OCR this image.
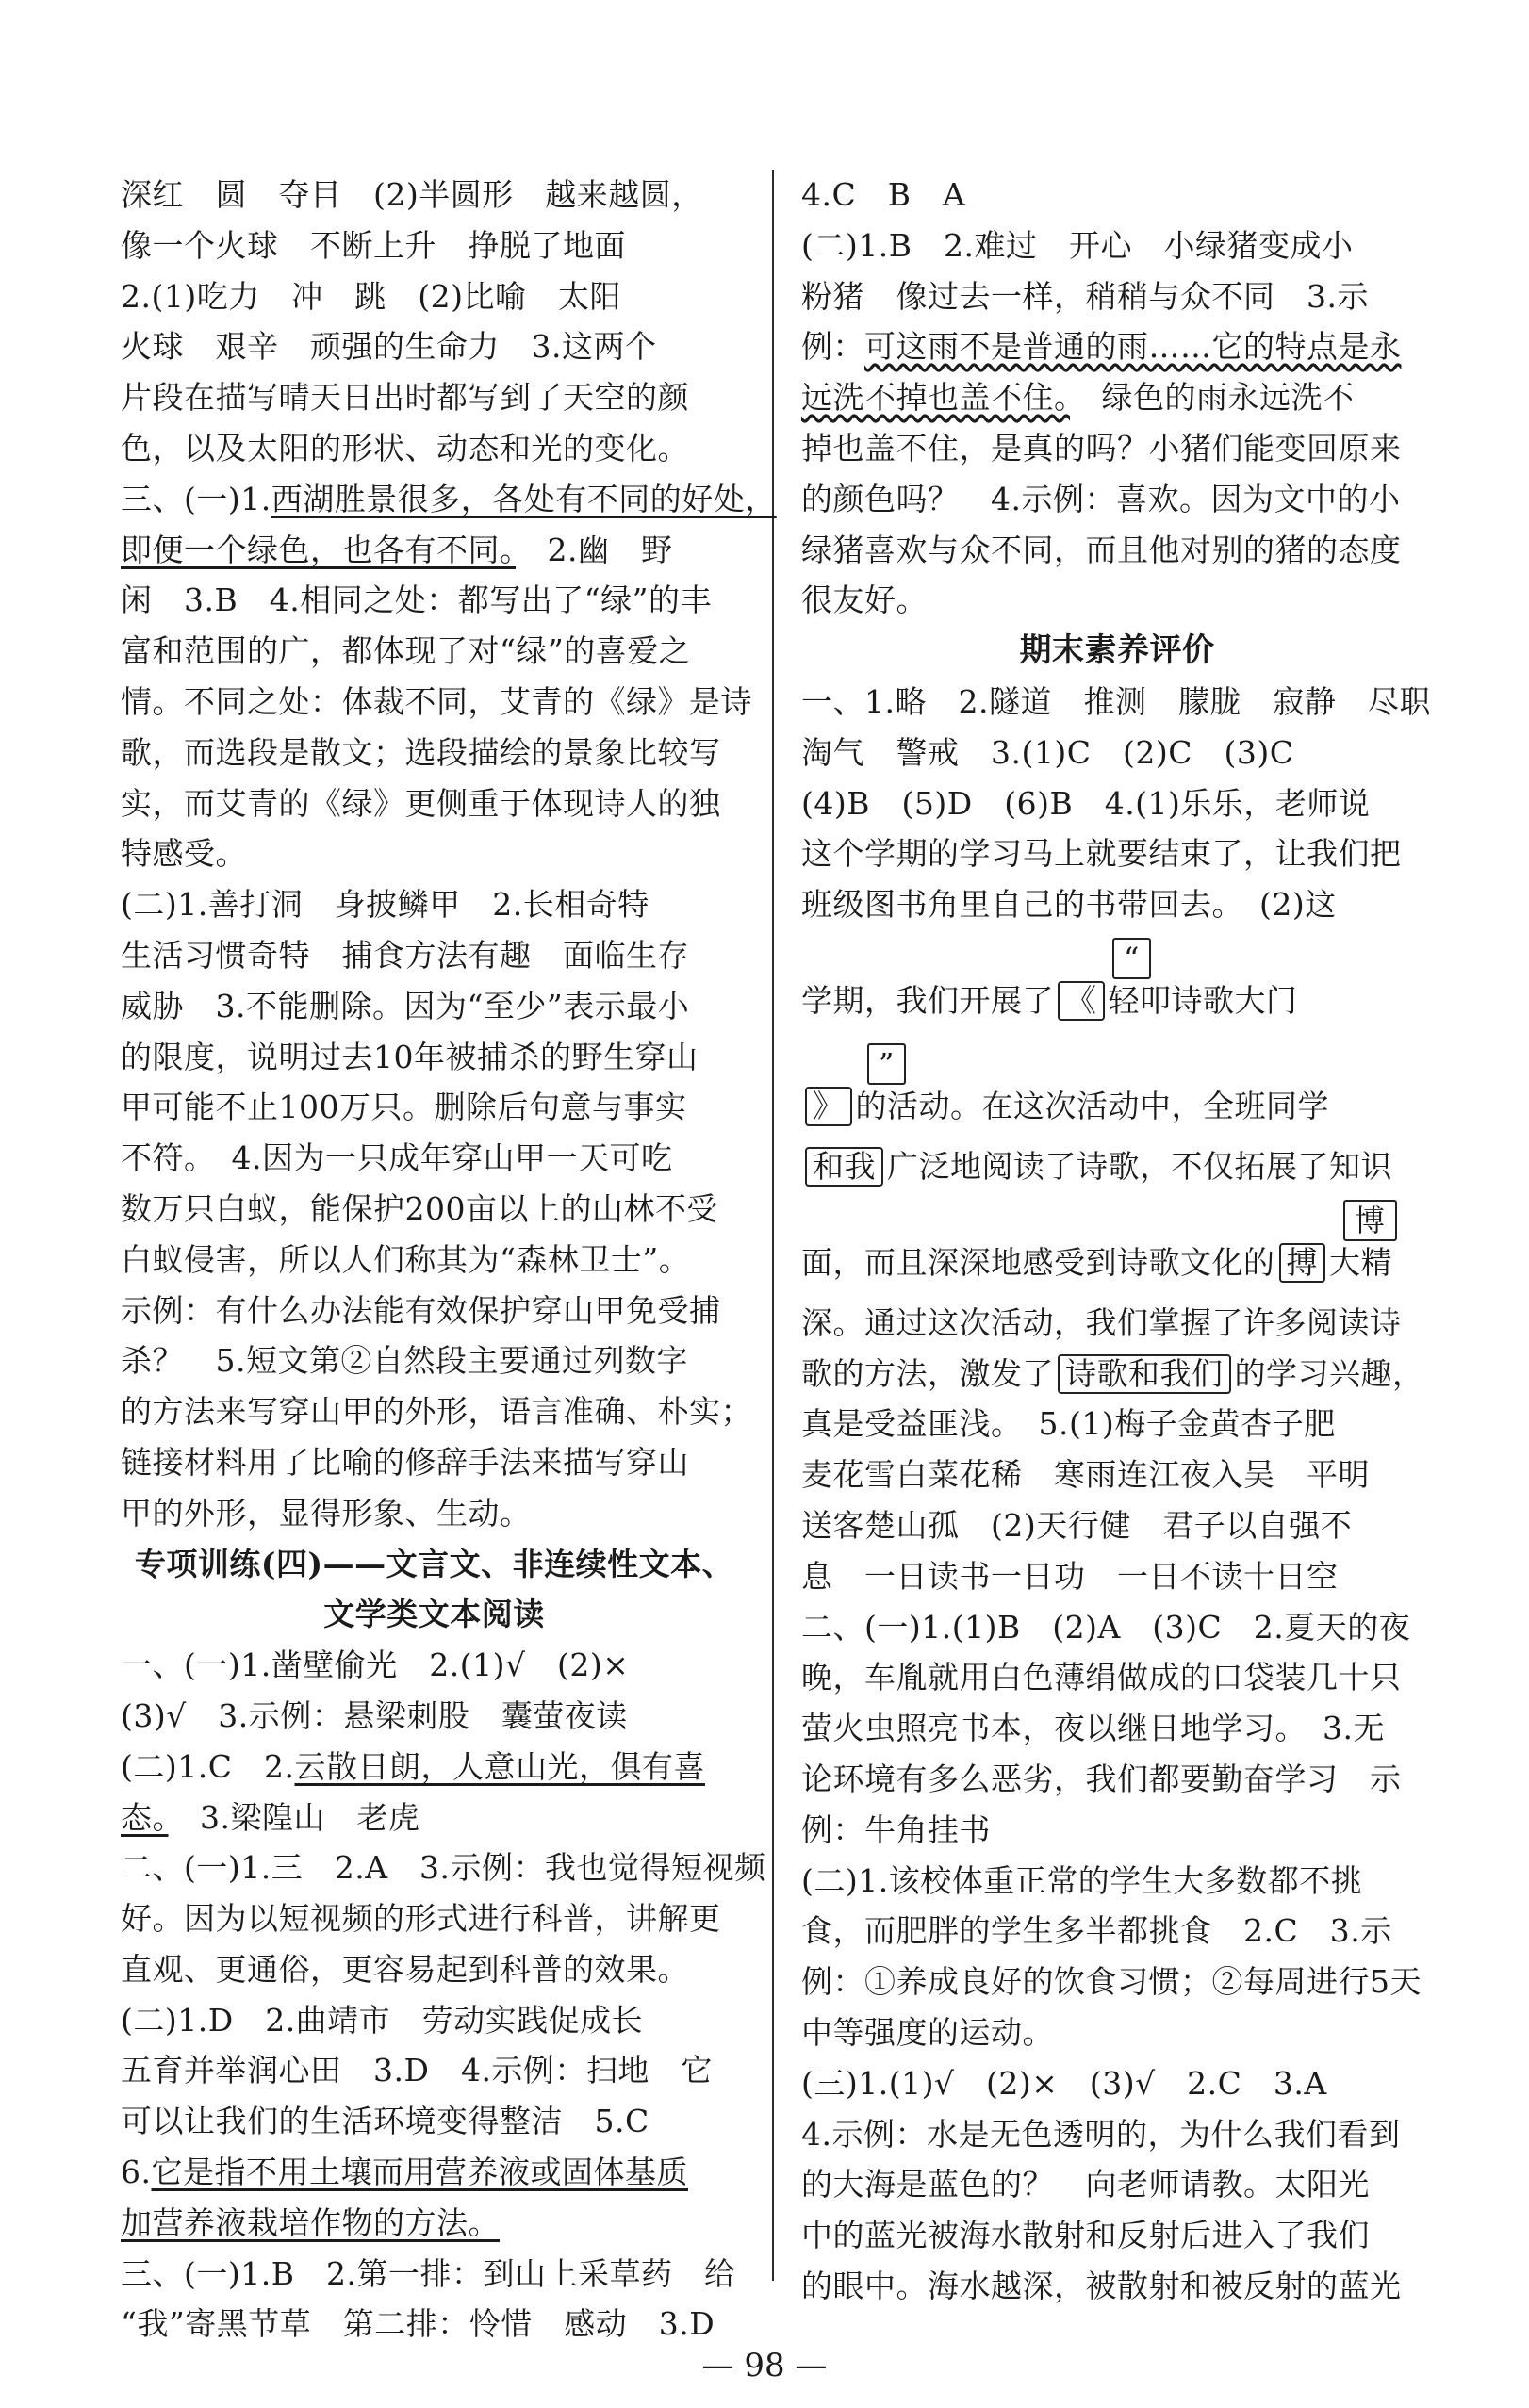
深红　圆　夺目　(2)半圆形　越来越圆，
像一个火球　不断上升　挣脱了地面
2.(1)吃力　冲　跳　(2)比喻　太阳
火球　艰辛　顽强的生命力　3.这两个
片段在描写晴天日出时都写到了天空的颜
色，以及太阳的形状、动态和光的变化。
三、(一)1.西湖胜景很多，各处有不同的好处，
即便一个绿色，也各有不同。　2.幽　野
闲　3.B　4.相同之处：都写出了“绿”的丰
富和范围的广，都体现了对“绿”的喜爱之
情。不同之处：体裁不同，艾青的《绿》是诗
歌，而选段是散文；选段描绘的景象比较写
实，而艾青的《绿》更侧重于体现诗人的独
特感受。
(二)1.善打洞　身披鳞甲　2.长相奇特
生活习惯奇特　捕食方法有趣　面临生存
威胁　3.不能删除。因为“至少”表示最小
的限度，说明过去10年被捕杀的野生穿山
甲可能不止100万只。删除后句意与事实
不符。　4.因为一只成年穿山甲一天可吃
数万只白蚁，能保护200亩以上的山林不受
白蚁侵害，所以人们称其为“森林卫士”。
示例：有什么办法能有效保护穿山甲免受捕
杀？　5.短文第②自然段主要通过列数字
的方法来写穿山甲的外形，语言准确、朴实；
链接材料用了比喻的修辞手法来描写穿山
甲的外形，显得形象、生动。
专项训练(四)——文言文、非连续性文本、
文学类文本阅读
一、(一)1.凿壁偷光　2.(1)√　(2)×
(3)√　3.示例：悬梁刺股　囊萤夜读
(二)1.C　2.云散日朗，人意山光，俱有喜
态。　3.梁隍山　老虎
二、(一)1.三　2.A　3.示例：我也觉得短视频
好。因为以短视频的形式进行科普，讲解更
直观、更通俗，更容易起到科普的效果。
(二)1.D　2.曲靖市　劳动实践促成长
五育并举润心田　3.D　4.示例：扫地　它
可以让我们的生活环境变得整洁　5.C
6.它是指不用土壤而用营养液或固体基质
加营养液栽培作物的方法。
三、(一)1.B　2.第一排：到山上采草药　给
“我”寄黑节草　第二排：怜惜　感动　3.D
4.C　B　A
(二)1.B　2.难过　开心　小绿猪变成小
粉猪　像过去一样，稍稍与众不同　3.示
例：可这雨不是普通的雨……它的特点是永
远洗不掉也盖不住。　绿色的雨永远洗不
掉也盖不住，是真的吗？小猪们能变回原来
的颜色吗？　4.示例：喜欢。因为文中的小
绿猪喜欢与众不同，而且他对别的猪的态度
很友好。
期末素养评价
一、1.略　2.隧道　推测　朦胧　寂静　尽职
淘气　警戒　3.(1)C　(2)C　(3)C
(4)B　(5)D　(6)B　4.(1)乐乐，老师说
这个学期的学习马上就要结束了，让我们把
班级图书角里自己的书带回去。　(2)这
学期，我们开展了 《 轻叩诗歌大门
“
》 的活动。在这次活动中，全班同学
”
和我 广泛地阅读了诗歌，不仅拓展了知识
面，而且深深地感受到诗歌文化的 搏 大精
博
深。通过这次活动，我们掌握了许多阅读诗
歌的方法，激发了 诗歌和我们 的学习兴趣，
真是受益匪浅。　5.(1)梅子金黄杏子肥
麦花雪白菜花稀　寒雨连江夜入吴　平明
送客楚山孤　(2)天行健　君子以自强不
息　一日读书一日功　一日不读十日空
二、(一)1.(1)B　(2)A　(3)C　2.夏天的夜
晚，车胤就用白色薄绢做成的口袋装几十只
萤火虫照亮书本，夜以继日地学习。　3.无
论环境有多么恶劣，我们都要勤奋学习　示
例：牛角挂书
(二)1.该校体重正常的学生大多数都不挑
食，而肥胖的学生多半都挑食　2.C　3.示
例：①养成良好的饮食习惯；②每周进行5天
中等强度的运动。
(三)1.(1)√　(2)×　(3)√　2.C　3.A
4.示例：水是无色透明的，为什么我们看到
的大海是蓝色的？　向老师请教。太阳光
中的蓝光被海水散射和反射后进入了我们
的眼中。海水越深，被散射和被反射的蓝光
— 98 —
